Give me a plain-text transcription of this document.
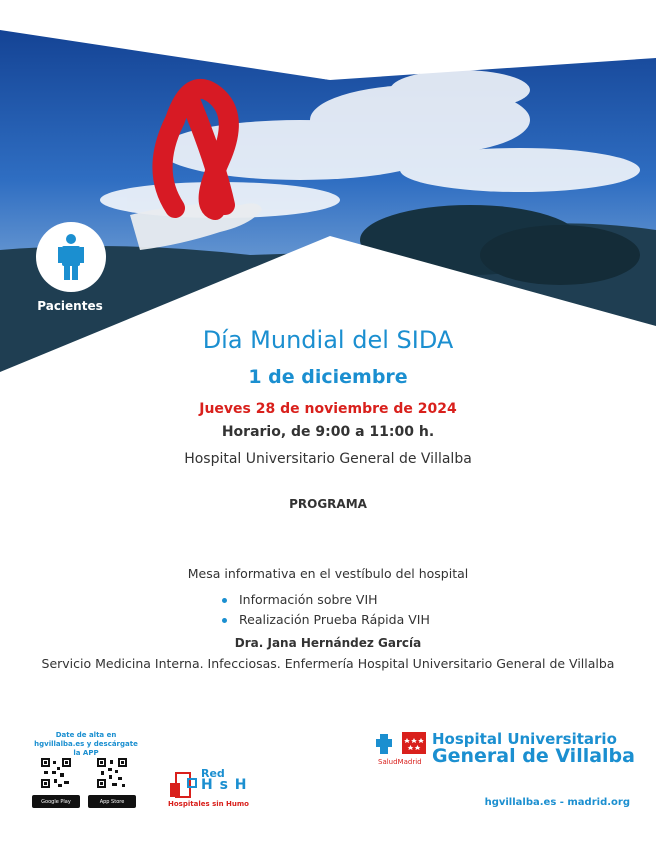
Pacientes
Día Mundial del SIDA
1 de diciembre
Jueves 28 de noviembre de 2024
Horario, de 9:00 a 11:00 h.
Hospital Universitario General de Villalba
PROGRAMA
Mesa informativa en el vestíbulo del hospital
Información sobre VIH
Realización Prueba Rápida VIH
Dra. Jana Hernández García
Servicio Medicina Interna. Infecciosas. Enfermería Hospital Universitario General de Villalba
Date de alta en hgvillalba.es y descárgate la APP
Google Play	App Store
Red
H s H
Hospitales sin Humo
SaludMadrid
Hospital Universitario
General de Villalba
hgvillalba.es - madrid.org
